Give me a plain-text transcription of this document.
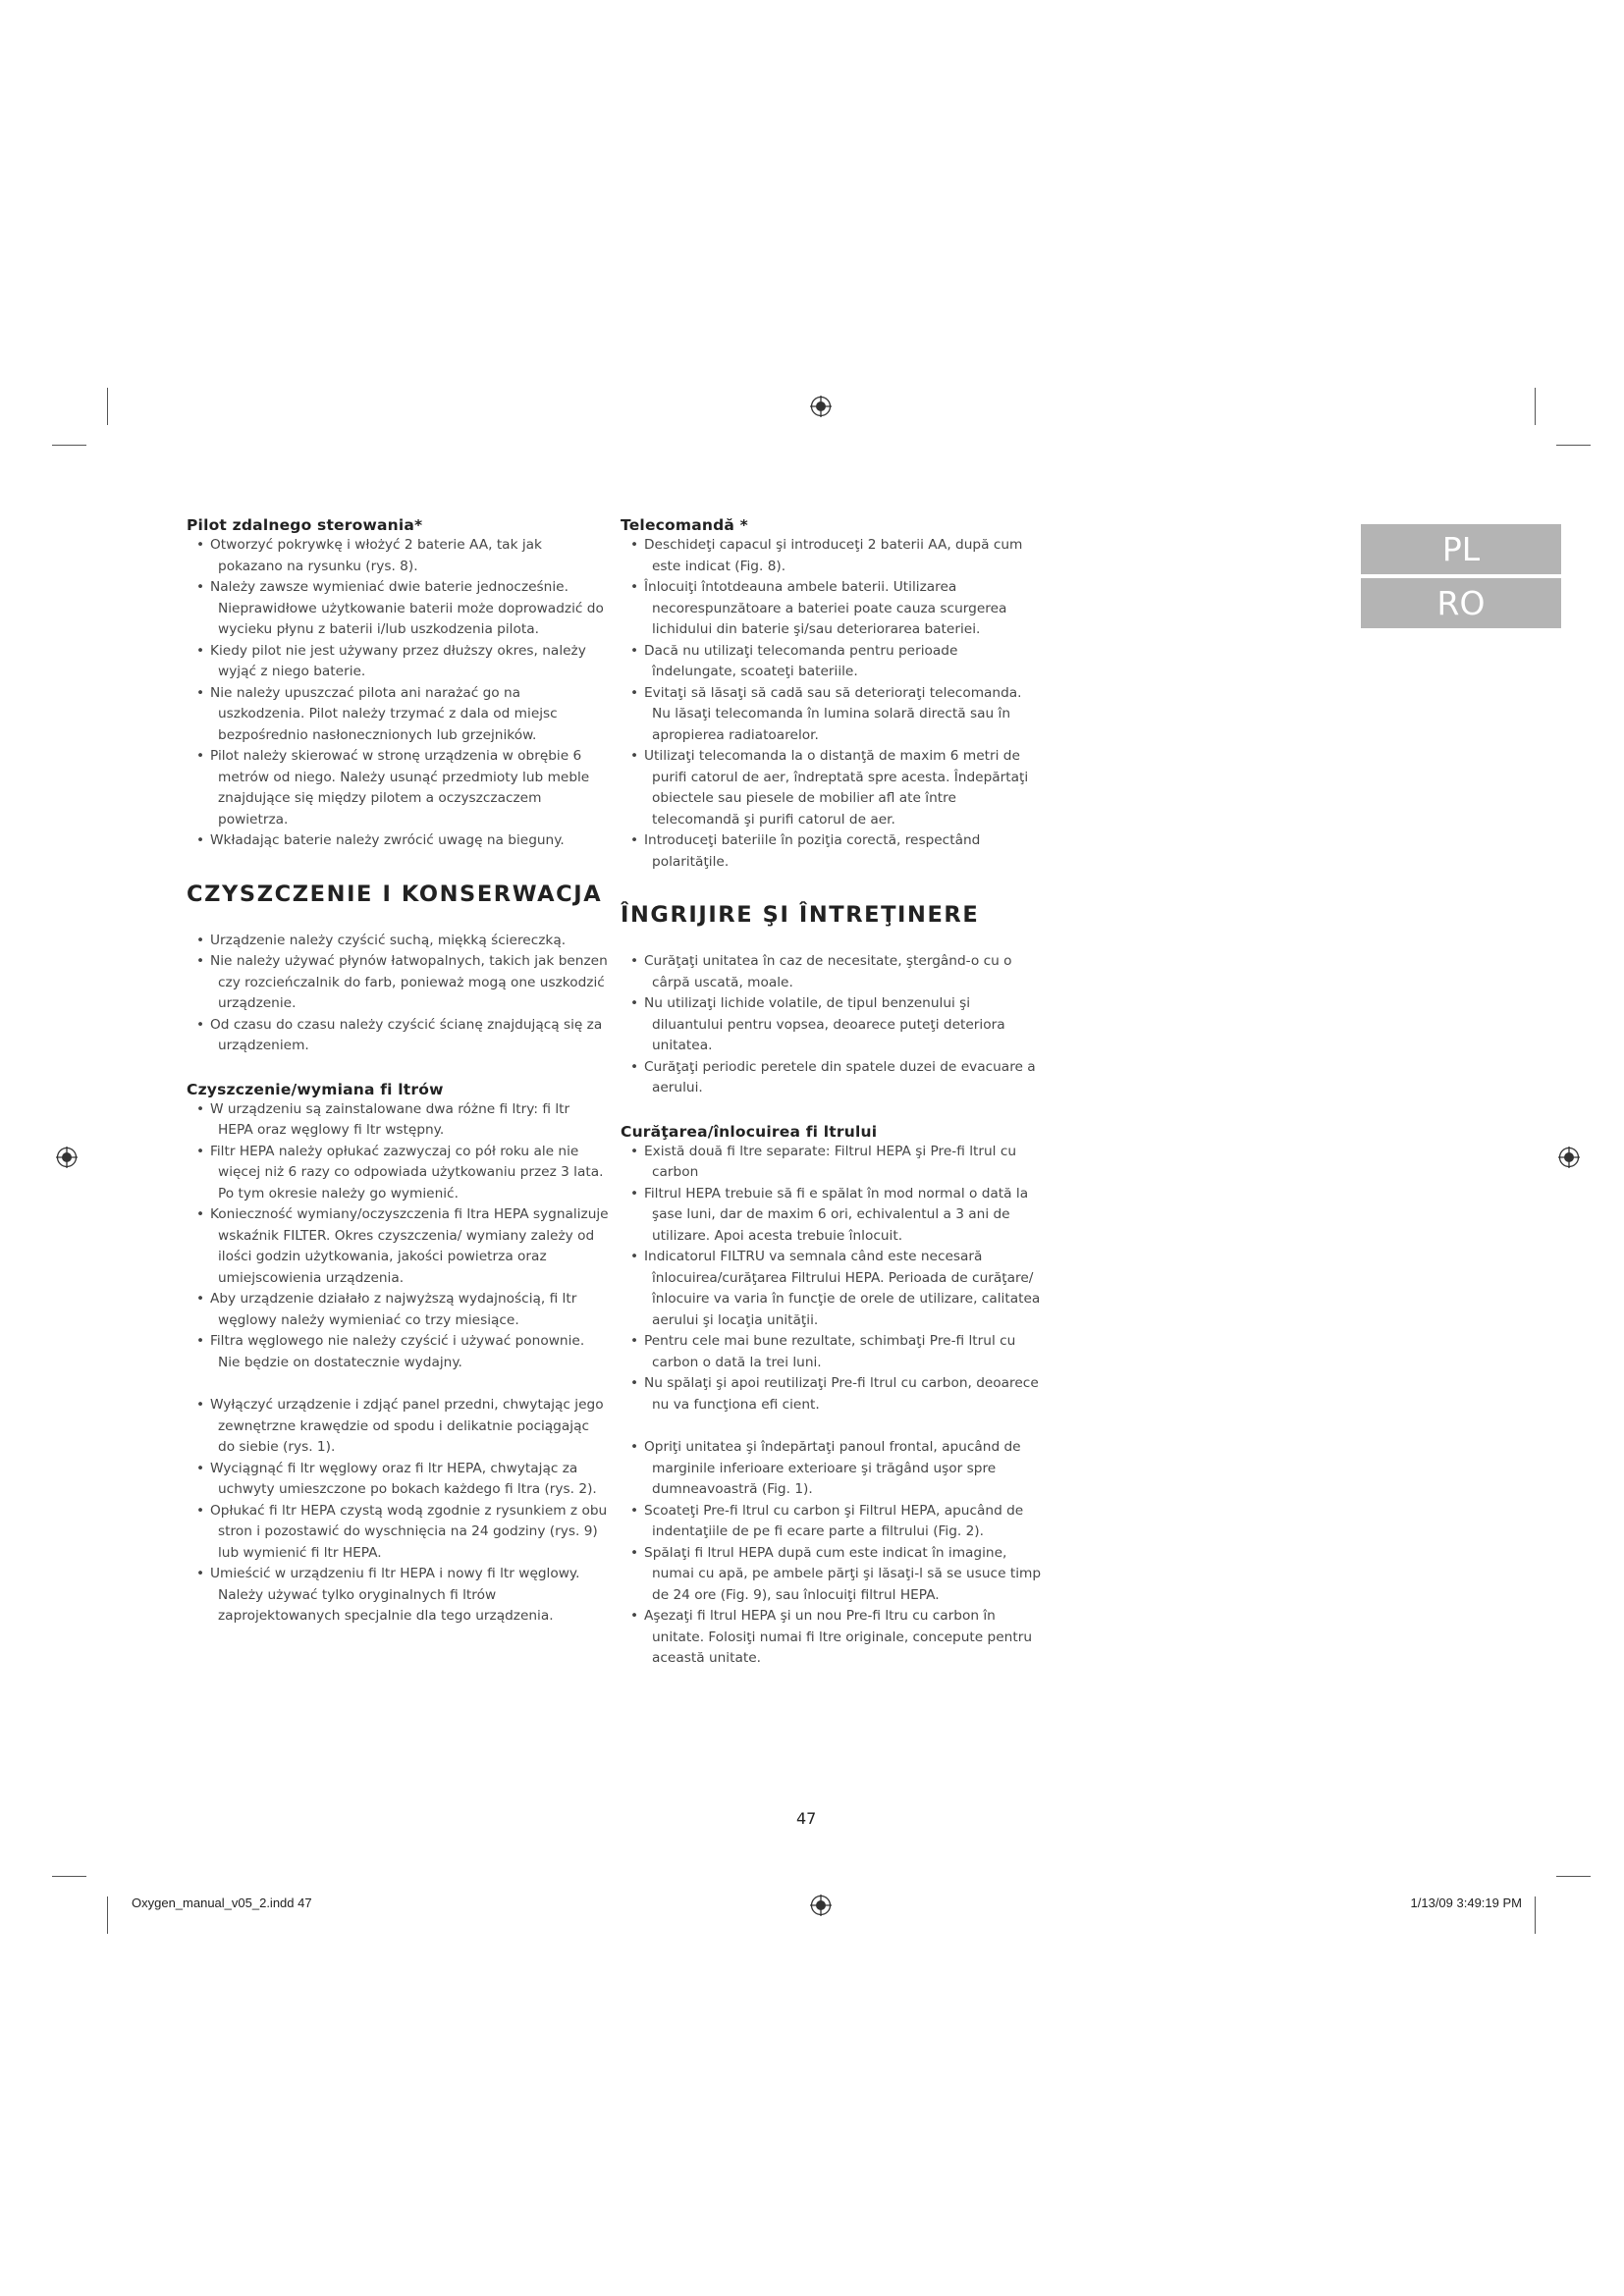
PL
RO
Pilot zdalnego sterowania*
• Otworzyć pokrywkę i włożyć 2 baterie AA, tak jak pokazano na rysunku (rys. 8).
• Należy zawsze wymieniać dwie baterie jednocześnie. Nieprawidłowe użytkowanie baterii może doprowadzić do wycieku płynu z baterii i/lub uszkodzenia pilota.
• Kiedy pilot nie jest używany przez dłuższy okres, należy wyjąć z niego baterie.
• Nie należy upuszczać pilota ani narażać go na uszkodzenia. Pilot należy trzymać z dala od miejsc bezpośrednio nasłonecznionych lub grzejników.
• Pilot należy skierować w stronę urządzenia w obrębie 6 metrów od niego. Należy usunąć przedmioty lub meble znajdujące się między pilotem a oczyszczaczem powietrza.
• Wkładając baterie należy zwrócić uwagę na bieguny.
CZYSZCZENIE I KONSERWACJA
• Urządzenie należy czyścić suchą, miękką ściereczką.
• Nie należy używać płynów łatwopalnych, takich jak benzen czy rozcieńczalnik do farb, ponieważ mogą one uszkodzić urządzenie.
• Od czasu do czasu należy czyścić ścianę znajdującą się za urządzeniem.
Czyszczenie/wymiana fi ltrów
• W urządzeniu są zainstalowane dwa różne fi ltry: fi ltr HEPA oraz węglowy fi ltr wstępny.
• Filtr HEPA należy opłukać zazwyczaj co pół roku ale nie więcej niż 6 razy co odpowiada użytkowaniu przez 3 lata. Po tym okresie należy go wymienić.
• Konieczność wymiany/oczyszczenia fi ltra HEPA sygnalizuje wskaźnik FILTER. Okres czyszczenia/ wymiany zależy od ilości godzin użytkowania, jakości powietrza oraz umiejscowienia urządzenia.
• Aby urządzenie działało z najwyższą wydajnością, fi ltr węglowy należy wymieniać co trzy miesiące.
• Filtra węglowego nie należy czyścić i używać ponownie. Nie będzie on dostatecznie wydajny.
• Wyłączyć urządzenie i zdjąć panel przedni, chwytając jego zewnętrzne krawędzie od spodu i delikatnie pociągając do siebie (rys. 1).
• Wyciągnąć fi ltr węglowy oraz fi ltr HEPA, chwytając za uchwyty umieszczone po bokach każdego fi ltra (rys. 2).
• Opłukać fi ltr HEPA czystą wodą zgodnie z rysunkiem z obu stron i pozostawić do wyschnięcia na 24 godziny (rys. 9) lub wymienić fi ltr HEPA.
• Umieścić w urządzeniu fi ltr HEPA i nowy fi ltr węglowy. Należy używać tylko oryginalnych fi ltrów zaprojektowanych specjalnie dla tego urządzenia.
Telecomandă *
• Deschideţi capacul şi introduceţi 2 baterii AA, după cum este indicat (Fig. 8).
• Înlocuiţi întotdeauna ambele baterii. Utilizarea necorespunzătoare a bateriei poate cauza scurgerea lichidului din baterie şi/sau deteriorarea bateriei.
• Dacă nu utilizaţi telecomanda pentru perioade îndelungate, scoateţi bateriile.
• Evitaţi să lăsaţi să cadă sau să deterioraţi telecomanda. Nu lăsaţi telecomanda în lumina solară directă sau în apropierea radiatoarelor.
• Utilizaţi telecomanda la o distanţă de maxim 6 metri de purifi catorul de aer, îndreptată spre acesta. Îndepărtaţi obiectele sau piesele de mobilier afl ate între telecomandă şi purifi catorul de aer.
• Introduceţi bateriile în poziţia corectă, respectând polarităţile.
ÎNGRIJIRE ŞI ÎNTREŢINERE
• Curăţaţi unitatea în caz de necesitate, ştergând-o cu o cârpă uscată, moale.
• Nu utilizaţi lichide volatile, de tipul benzenului şi diluantului pentru vopsea, deoarece puteţi deteriora unitatea.
• Curăţaţi periodic peretele din spatele duzei de evacuare a aerului.
Curăţarea/înlocuirea fi ltrului
• Există două fi ltre separate: Filtrul HEPA şi Pre-fi ltrul cu carbon
• Filtrul HEPA trebuie să fi e spălat în mod normal o dată la şase luni, dar de maxim 6 ori, echivalentul a 3 ani de utilizare. Apoi acesta trebuie înlocuit.
• Indicatorul FILTRU va semnala când este necesară înlocuirea/curăţarea Filtrului HEPA. Perioada de curăţare/înlocuire va varia în funcţie de orele de utilizare, calitatea aerului şi locaţia unităţii.
• Pentru cele mai bune rezultate, schimbaţi Pre-fi ltrul cu carbon o dată la trei luni.
• Nu spălaţi şi apoi reutilizaţi Pre-fi ltrul cu carbon, deoarece nu va funcţiona efi cient.
• Opriţi unitatea şi îndepărtaţi panoul frontal, apucând de marginile inferioare exterioare şi trăgând uşor spre dumneavoastră (Fig. 1).
• Scoateţi Pre-fi ltrul cu carbon şi Filtrul HEPA, apucând de indentaţiile de pe fi ecare parte a filtrului (Fig. 2).
• Spălaţi fi ltrul HEPA după cum este indicat în imagine, numai cu apă, pe ambele părţi şi lăsaţi-l să se usuce timp de 24 ore (Fig. 9), sau înlocuiţi filtrul HEPA.
• Aşezaţi fi ltrul HEPA şi un nou Pre-fi ltru cu carbon în unitate. Folosiţi numai fi ltre originale, concepute pentru această unitate.
47
Oxygen_manual_v05_2.indd 47	1/13/09 3:49:19 PM
